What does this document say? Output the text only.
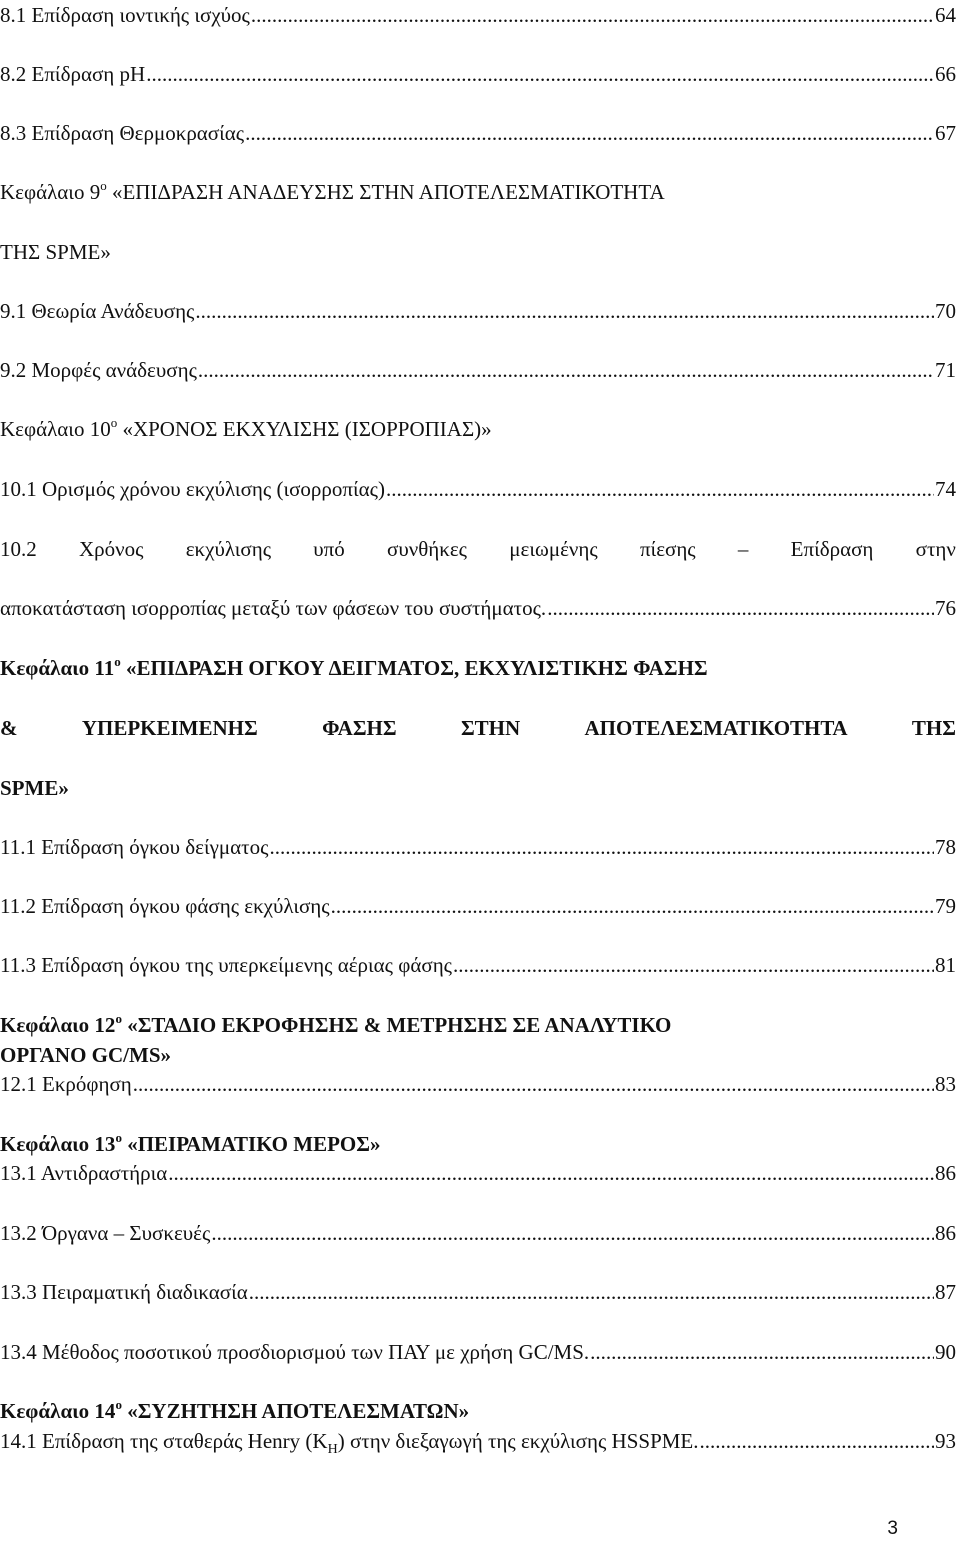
8.1 Επίδραση ιοντικής ισχύος .....	64
8.2 Επίδραση pH .....	66
8.3 Επίδραση Θερμοκρασίας .....	67
Κεφάλαιο $9^o$ «ΕΠΙΔΡΑΣΗ ΑΝΑΔΕΥΣΗΣ ΣΤΗΝ ΑΠΟΤΕΛΕΣΜΑΤΙΚΟΤΗΤΑ
ΤΗΣ SPME»
9.1 Θεωρία Ανάδευσης .....	70
9.2 Μορφές ανάδευσης .....	71
Κεφάλαιο $10^o$ «ΧΡΟΝΟΣ ΕΚΧΥΛΙΣΗΣ (ΙΣΟΡΡΟΠΙΑΣ)»
10.1 Ορισμός χρόνου εκχύλισης (ισορροπίας) .....	74
10.2 Χρόνος εκχύλισης υπό συνθήκες μειωμένης πίεσης – Επίδραση στην
αποκατάσταση ισορροπίας μεταξύ των φάσεων του συστήματος. .....	76
Κεφάλαιο $11^o$ «ΕΠΙΔΡΑΣΗ ΟΓΚΟΥ ΔΕΙΓΜΑΤΟΣ, ΕΚΧΥΛΙΣΤΙΚΗΣ ΦΑΣΗΣ
&	ΥΠΕΡΚΕΙΜΕΝΗΣ	ΦΑΣΗΣ	ΣΤΗΝ	ΑΠΟΤΕΛΕΣΜΑΤΙΚΟΤΗΤΑ	ΤΗΣ
SPME»
11.1 Επίδραση όγκου δείγματος .....	78
11.2 Επίδραση όγκου φάσης εκχύλισης .....	79
11.3 Επίδραση όγκου της υπερκείμενης αέριας φάσης .....	81
Κεφάλαιο $12^o$ «ΣΤΑΔΙΟ ΕΚΡΟΦΗΣΗΣ & ΜΕΤΡΗΣΗΣ ΣΕ ΑΝΑΛΥΤΙΚΟ
ΟΡΓΑΝΟ GC/MS»
12.1 Εκρόφηση .....	83
Κεφάλαιο $13^o$ «ΠΕΙΡΑΜΑΤΙΚΟ ΜΕΡΟΣ»
13.1 Αντιδραστήρια .....	86
13.2 Όργανα – Συσκευές .....	86
13.3 Πειραματική διαδικασία .....	87
13.4 Μέθοδος ποσοτικού προσδιορισμού των ΠΑΥ με χρήση GC/MS. .....	90
Κεφάλαιο $14^o$ «ΣΥΖΗΤΗΣΗ ΑΠΟΤΕΛΕΣΜΑΤΩΝ»
14.1 Επίδραση της σταθεράς Henry $(K_H)$ στην διεξαγωγή της εκχύλισης HSSPME. .....	93
3
